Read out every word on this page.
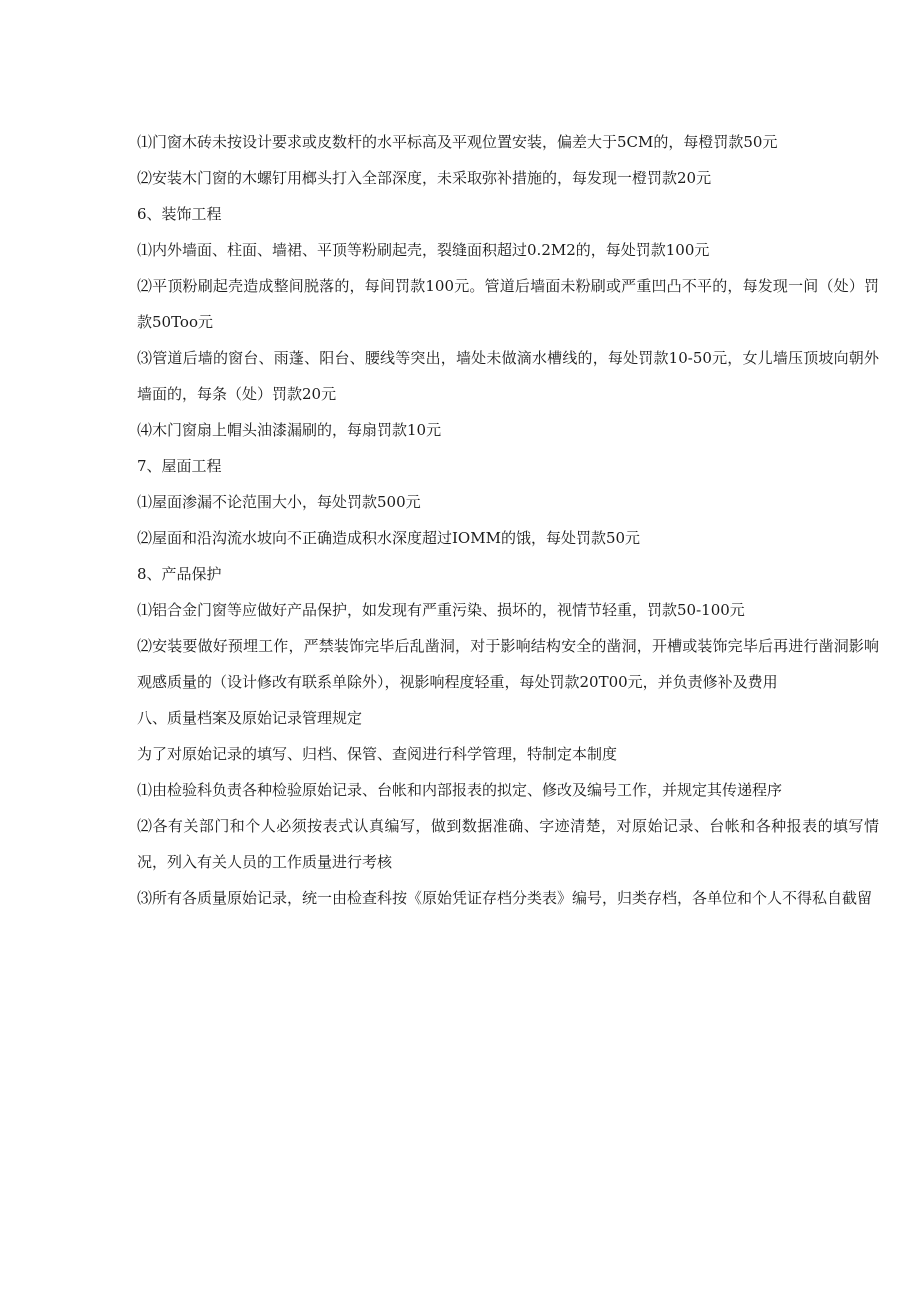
⑴门窗木砖未按设计要求或皮数杆的水平标高及平观位置安装，偏差大于5CM的，每橙罚款50元

⑵安装木门窗的木螺钉用榔头打入全部深度，未采取弥补措施的，每发现一橙罚款20元

6、装饰工程

⑴内外墙面、柱面、墙裙、平顶等粉刷起壳，裂缝面积超过0.2M2的，每处罚款100元

⑵平顶粉刷起壳造成整间脱落的，每间罚款100元。管道后墙面未粉刷或严重凹凸不平的，每发现一间（处）罚款50Too元

⑶管道后墙的窗台、雨蓬、阳台、腰线等突出，墙处未做滴水槽线的，每处罚款10-50元，女儿墙压顶坡向朝外墙面的，每条（处）罚款20元

⑷木门窗扇上帽头油漆漏刷的，每扇罚款10元

7、屋面工程

⑴屋面渗漏不论范围大小，每处罚款500元

⑵屋面和沿沟流水坡向不正确造成积水深度超过IOMM的饿，每处罚款50元

8、产品保护

⑴铝合金门窗等应做好产品保护，如发现有严重污染、损坏的，视情节轻重，罚款50-100元

⑵安装要做好预埋工作，严禁装饰完毕后乱凿洞，对于影响结构安全的凿洞，开槽或装饰完毕后再进行凿洞影响观感质量的（设计修改有联系单除外），视影响程度轻重，每处罚款20T00元，并负责修补及费用

八、质量档案及原始记录管理规定

为了对原始记录的填写、归档、保管、查阅进行科学管理，特制定本制度

⑴由检验科负责各种检验原始记录、台帐和内部报表的拟定、修改及编号工作，并规定其传递程序

⑵各有关部门和个人必须按表式认真编写，做到数据准确、字迹清楚，对原始记录、台帐和各种报表的填写情况，列入有关人员的工作质量进行考核

⑶所有各质量原始记录，统一由检查科按《原始凭证存档分类表》编号，归类存档，各单位和个人不得私自截留
